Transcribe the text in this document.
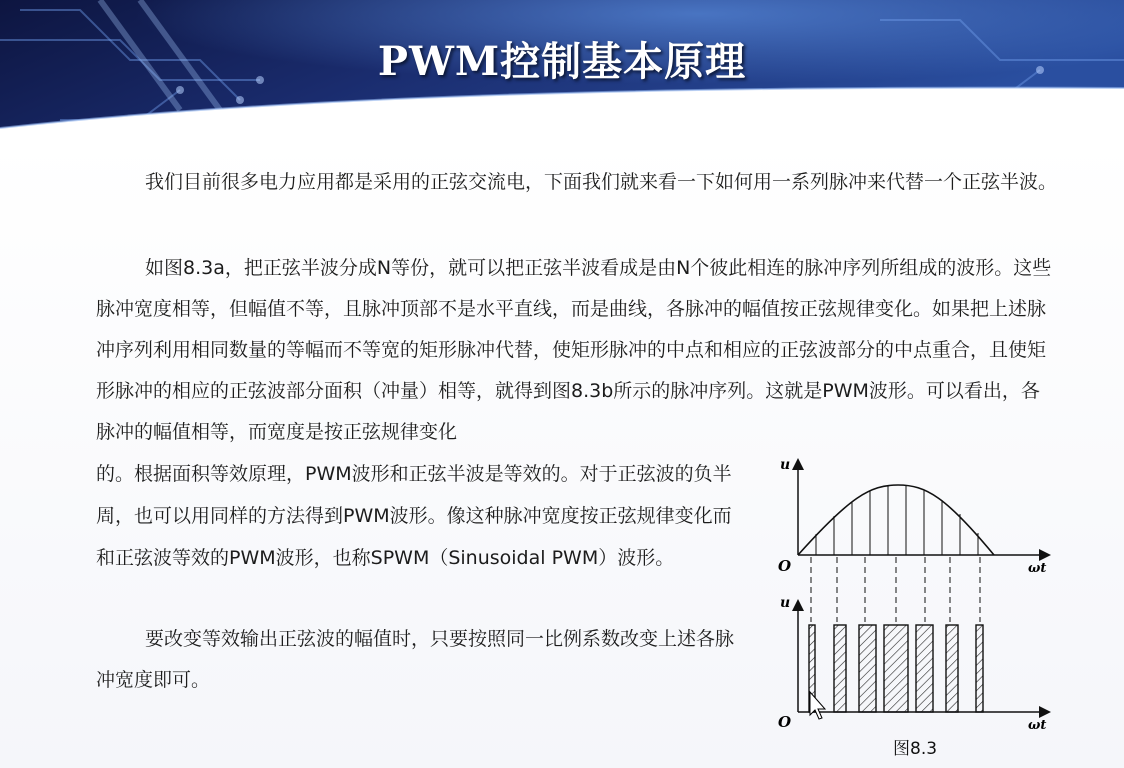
PWM控制基本原理

我们目前很多电力应用都是采用的正弦交流电，下面我们就来看一下如何用一系列脉冲来代替一个正弦半波。

如图8.3a，把正弦半波分成N等份，就可以把正弦半波看成是由N个彼此相连的脉冲序列所组成的波形。这些脉冲宽度相等，但幅值不等，且脉冲顶部不是水平直线，而是曲线，各脉冲的幅值按正弦规律变化。如果把上述脉冲序列利用相同数量的等幅而不等宽的矩形脉冲代替，使矩形脉冲的中点和相应的正弦波部分的中点重合，且使矩形脉冲的相应的正弦波部分面积（冲量）相等，就得到图8.3b所示的脉冲序列。这就是PWM波形。可以看出，各脉冲的幅值相等，而宽度是按正弦规律变化

的。根据面积等效原理，PWM波形和正弦半波是等效的。对于正弦波的负半周，也可以用同样的方法得到PWM波形。像这种脉冲宽度按正弦规律变化而和正弦波等效的PWM波形，也称SPWM（Sinusoidal PWM）波形。

要改变等效输出正弦波的幅值时，只要按照同一比例系数改变上述各脉冲宽度即可。

u
ωt
O
u
ωt
O
图8.3
